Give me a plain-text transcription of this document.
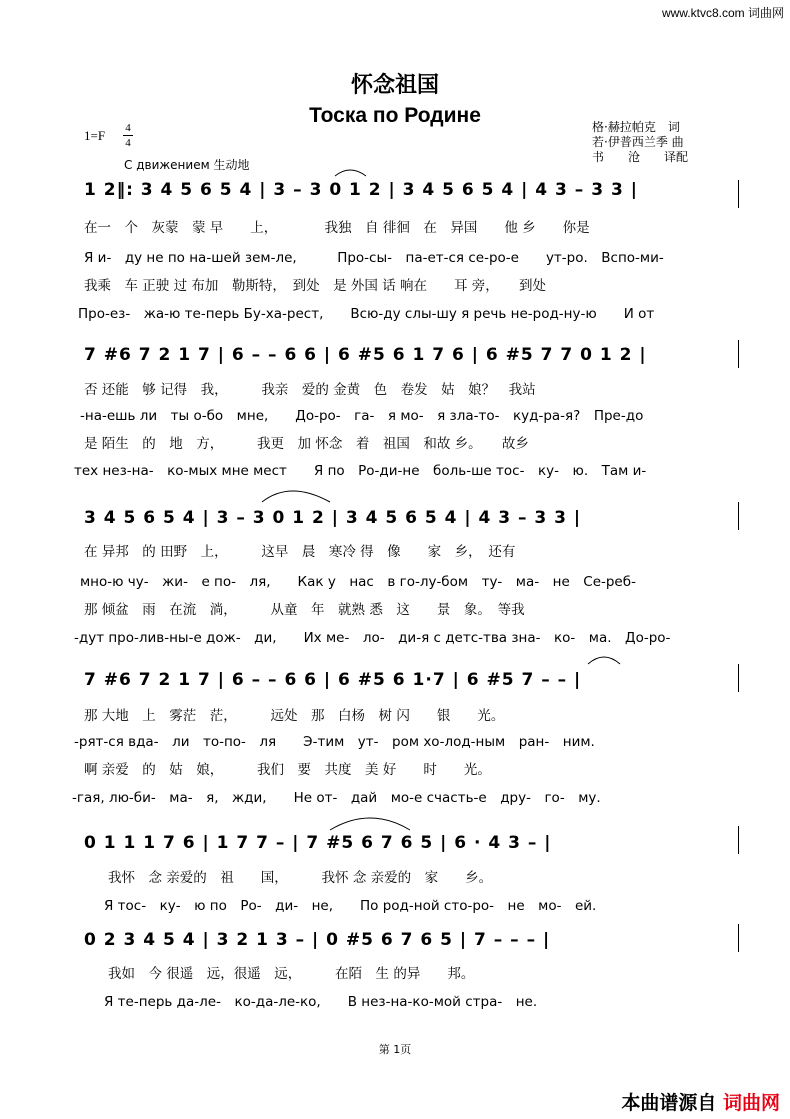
www.ktvc8.com 词曲网
怀念祖国
Тоска по Родине	格·赫拉帕克　词
若·伊普西兰季 曲
书　　沧　　译配
1=F 4
4
С движением 生动地
1 2‖: 3 4 5 6 5 4 | 3 – 3 0 1 2 | 3 4 5 6 5 4 | 4 3 – 3 3 |
在一　个　灰蒙　蒙 早　　上，　　　　我独　自 徘徊　在　异国　　他 乡　　你是
Я и-　ду не по на-шей зем-ле,　　　Про-сы-　па-ет-ся се-ро-е　　ут-ро.　Вспо-ми-
我乘　车 正驶 过 布加　勒斯特，　到处　是 外国 话 响在　　耳 旁，　　到处
Про-ез-　жа-ю те-перь Бу-ха-рест,　　Всю-ду слы-шу я речь не-род-ну-ю　　И от
7 #6 7 2 1 7 | 6 – – 6 6 | 6 #5 6 1 7 6 | 6 #5 7 7 0 1 2 |
否 还能　够 记得　我，　　　我亲　爱的 金黄　色　卷发　姑　娘？　我站
-на-ешь ли　ты о-бо　мне,　　До-ро-　га-　я мо-　я зла-то-　куд-ра-я?　Пре-до
是 陌生　的　地　方，　　　我更　加 怀念　着　祖国　和故 乡。　　故乡
тех нез-на-　ко-мых мне мест　　Я по　Ро-ди-не　боль-ше тос-　ку-　ю.　Там и-
3 4 5 6 5 4 | 3 – 3 0 1 2 | 3 4 5 6 5 4 | 4 3 – 3 3 |
在 异邦　的 田野　上，　　　这早　晨　寒冷 得　像　　家　乡，　还有
мно-ю чу-　жи-　е по-　ля,　　Как у　нас　в го-лу-бом　ту-　ма-　не　Се-реб-
那 倾盆　雨　在流　淌，　　　从童　年　就熟 悉　这　　景　象。　等我
-дут про-лив-ны-е дож-　ди,　　Их ме-　ло-　ди-я с детс-тва зна-　ко-　ма.　До-ро-
7 #6 7 2 1 7 | 6 – – 6 6 | 6 #5 6 1·7 | 6 #5 7 – – |
那 大地　上　雾茫　茫，　　　远处　那　白杨　树 闪　　银　　光。
-рят-ся вда-　ли　то-по-　ля　　Э-тим　ут-　ром хо-лод-ным　ран-　ним.
啊 亲爱　的　姑　娘，　　　我们　要　共度　美 好　　时　　光。
-гая, лю-би-　ма-　я,　жди,　　Не от-　дай　мо-е счасть-е　дру-　го-　му.
0 1 1 1 7 6 | 1 7 7 – | 7 #5 6 7 6 5 | 6 · 4 3 – |
我怀　念 亲爱的　祖　　国，　　　我怀 念 亲爱的　家　　乡。
Я тос-　ку-　ю по　Ро-　ди-　не,　　По род-ной сто-ро-　не　мо-　ей.
0 2 3 4 5 4 | 3 2 1 3 – | 0 #5 6 7 6 5 | 7 – – – |
我如　今 很遥　远，很遥　远，　　　在陌　生 的异　　邦。
Я те-перь да-ле-　ко-да-ле-ко,　　В нез-на-ко-мой стра-　не.
第 1页
本曲谱源自 词曲网
